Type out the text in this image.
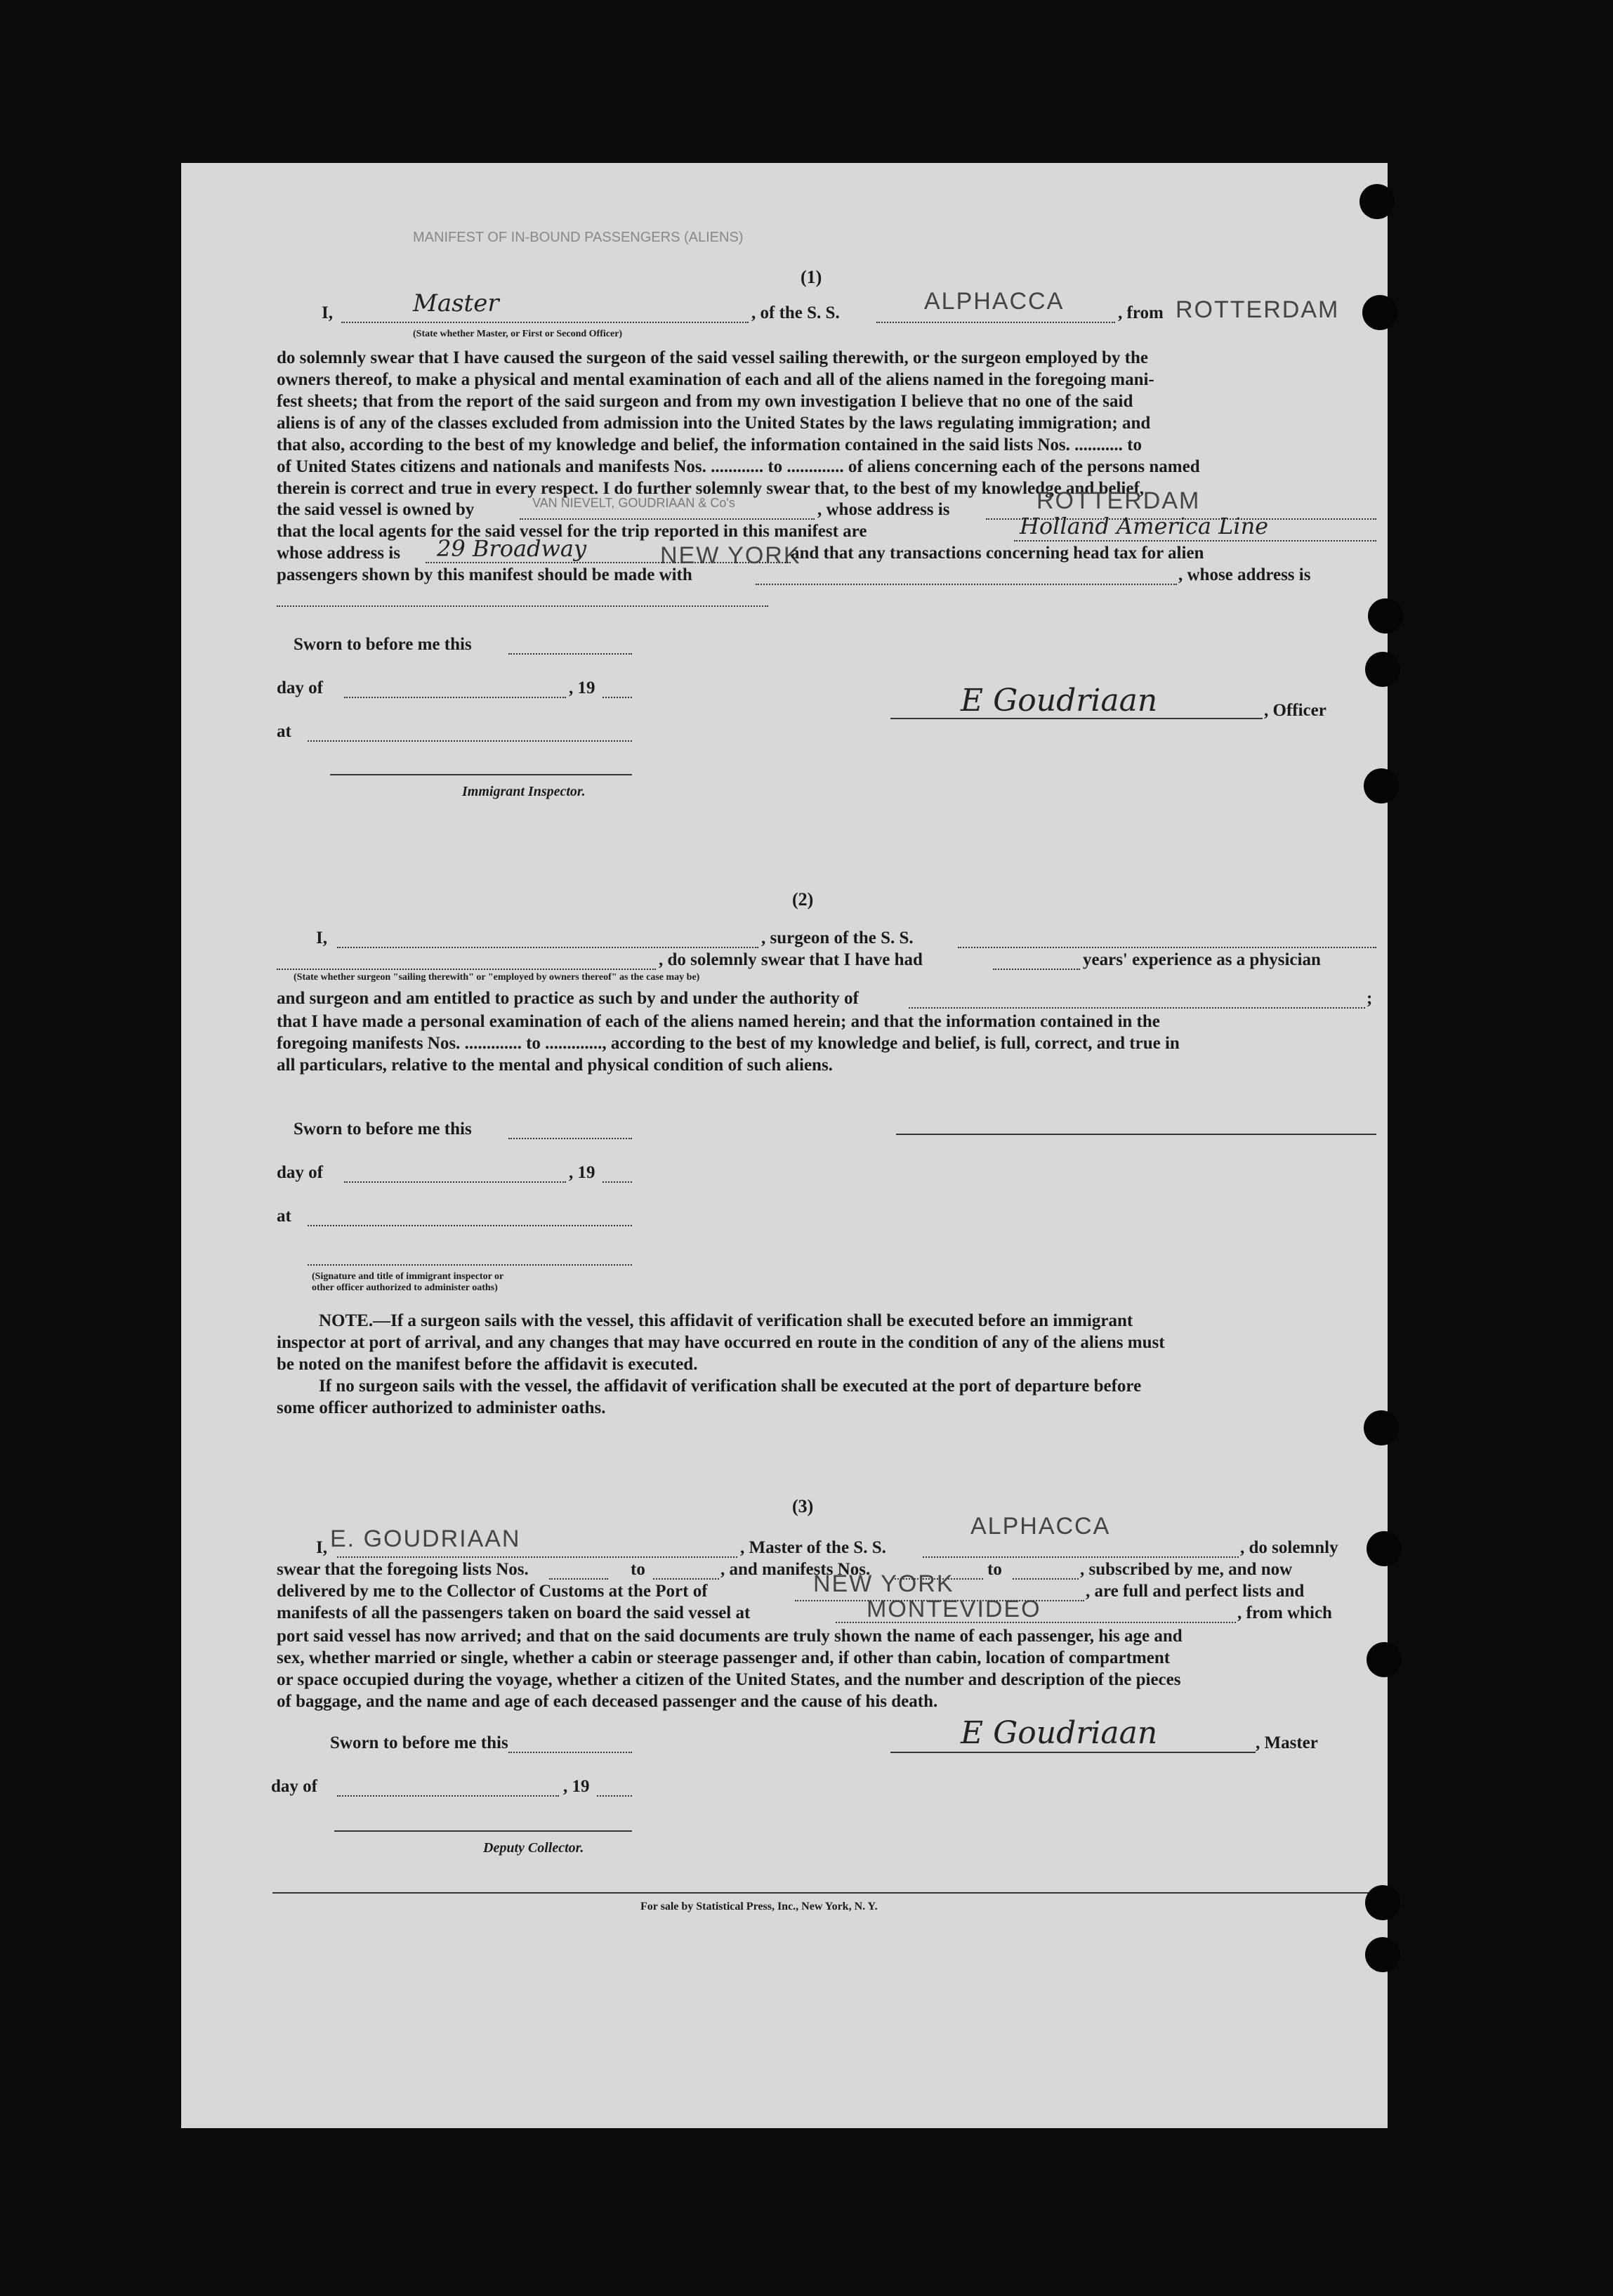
MANIFEST OF IN-BOUND PASSENGERS (ALIENS)
(1)
I,	Master
(State whether Master, or First or Second Officer)
, of the S. S.	ALPHACCA	, from ROTTERDAM
do solemnly swear that I have caused the surgeon of the said vessel sailing therewith, or the surgeon employed by the
owners thereof, to make a physical and mental examination of each and all of the aliens named in the foregoing mani-
fest sheets; that from the report of the said surgeon and from my own investigation I believe that no one of the said
aliens is of any of the classes excluded from admission into the United States by the laws regulating immigration; and
that also, according to the best of my knowledge and belief, the information contained in the said lists Nos. ........... to
of United States citizens and nationals and manifests Nos. ............ to ............. of aliens concerning each of the persons named
therein is correct and true in every respect. I do further solemnly swear that, to the best of my knowledge and belief,
the said vessel is owned by	VAN NIEVELT, GOUDRIAAN & Co's	, whose address is	ROTTERDAM
that the local agents for the said vessel for the trip reported in this manifest are	Holland America Line
whose address is 29 Broadway	NEW YORK
and that any transactions concerning head tax for alien
passengers shown by this manifest should be made with	, whose address is
Sworn to before me this
day of	, 19
at
Immigrant Inspector.
E Goudriaan	, Officer
(2)
I,	, surgeon of the S. S.
, do solemnly swear that I have had	years' experience as a physician
(State whether surgeon "sailing therewith" or "employed by owners thereof" as the case may be)
and surgeon and am entitled to practice as such by and under the authority of	;
that I have made a personal examination of each of the aliens named herein; and that the information contained in the
foregoing manifests Nos. ............. to ............., according to the best of my knowledge and belief, is full, correct, and true in
all particulars, relative to the mental and physical condition of such aliens.
Sworn to before me this
day of	, 19
at
(Signature and title of immigrant inspector or
other officer authorized to administer oaths)
NOTE.—If a surgeon sails with the vessel, this affidavit of verification shall be executed before an immigrant
inspector at port of arrival, and any changes that may have occurred en route in the condition of any of the aliens must
be noted on the manifest before the affidavit is executed.
If no surgeon sails with the vessel, the affidavit of verification shall be executed at the port of departure before
some officer authorized to administer oaths.
(3)
I, E. GOUDRIAAN	, Master of the S. S.
ALPHACCA
, do solemnly
swear that the foregoing lists Nos.	to	, and manifests Nos.	to	, subscribed by me, and now
delivered by me to the Collector of Customs at the Port of	NEW YORK	, are full and perfect lists and
manifests of all the passengers taken on board the said vessel at	MONTEVIDEO	, from which
port said vessel has now arrived; and that on the said documents are truly shown the name of each passenger, his age and
sex, whether married or single, whether a cabin or steerage passenger and, if other than cabin, location of compartment
or space occupied during the voyage, whether a citizen of the United States, and the number and description of the pieces
of baggage, and the name and age of each deceased passenger and the cause of his death.
Sworn to before me this
day of	, 19
Deputy Collector.
E Goudriaan	, Master
For sale by Statistical Press, Inc., New York, N. Y.
